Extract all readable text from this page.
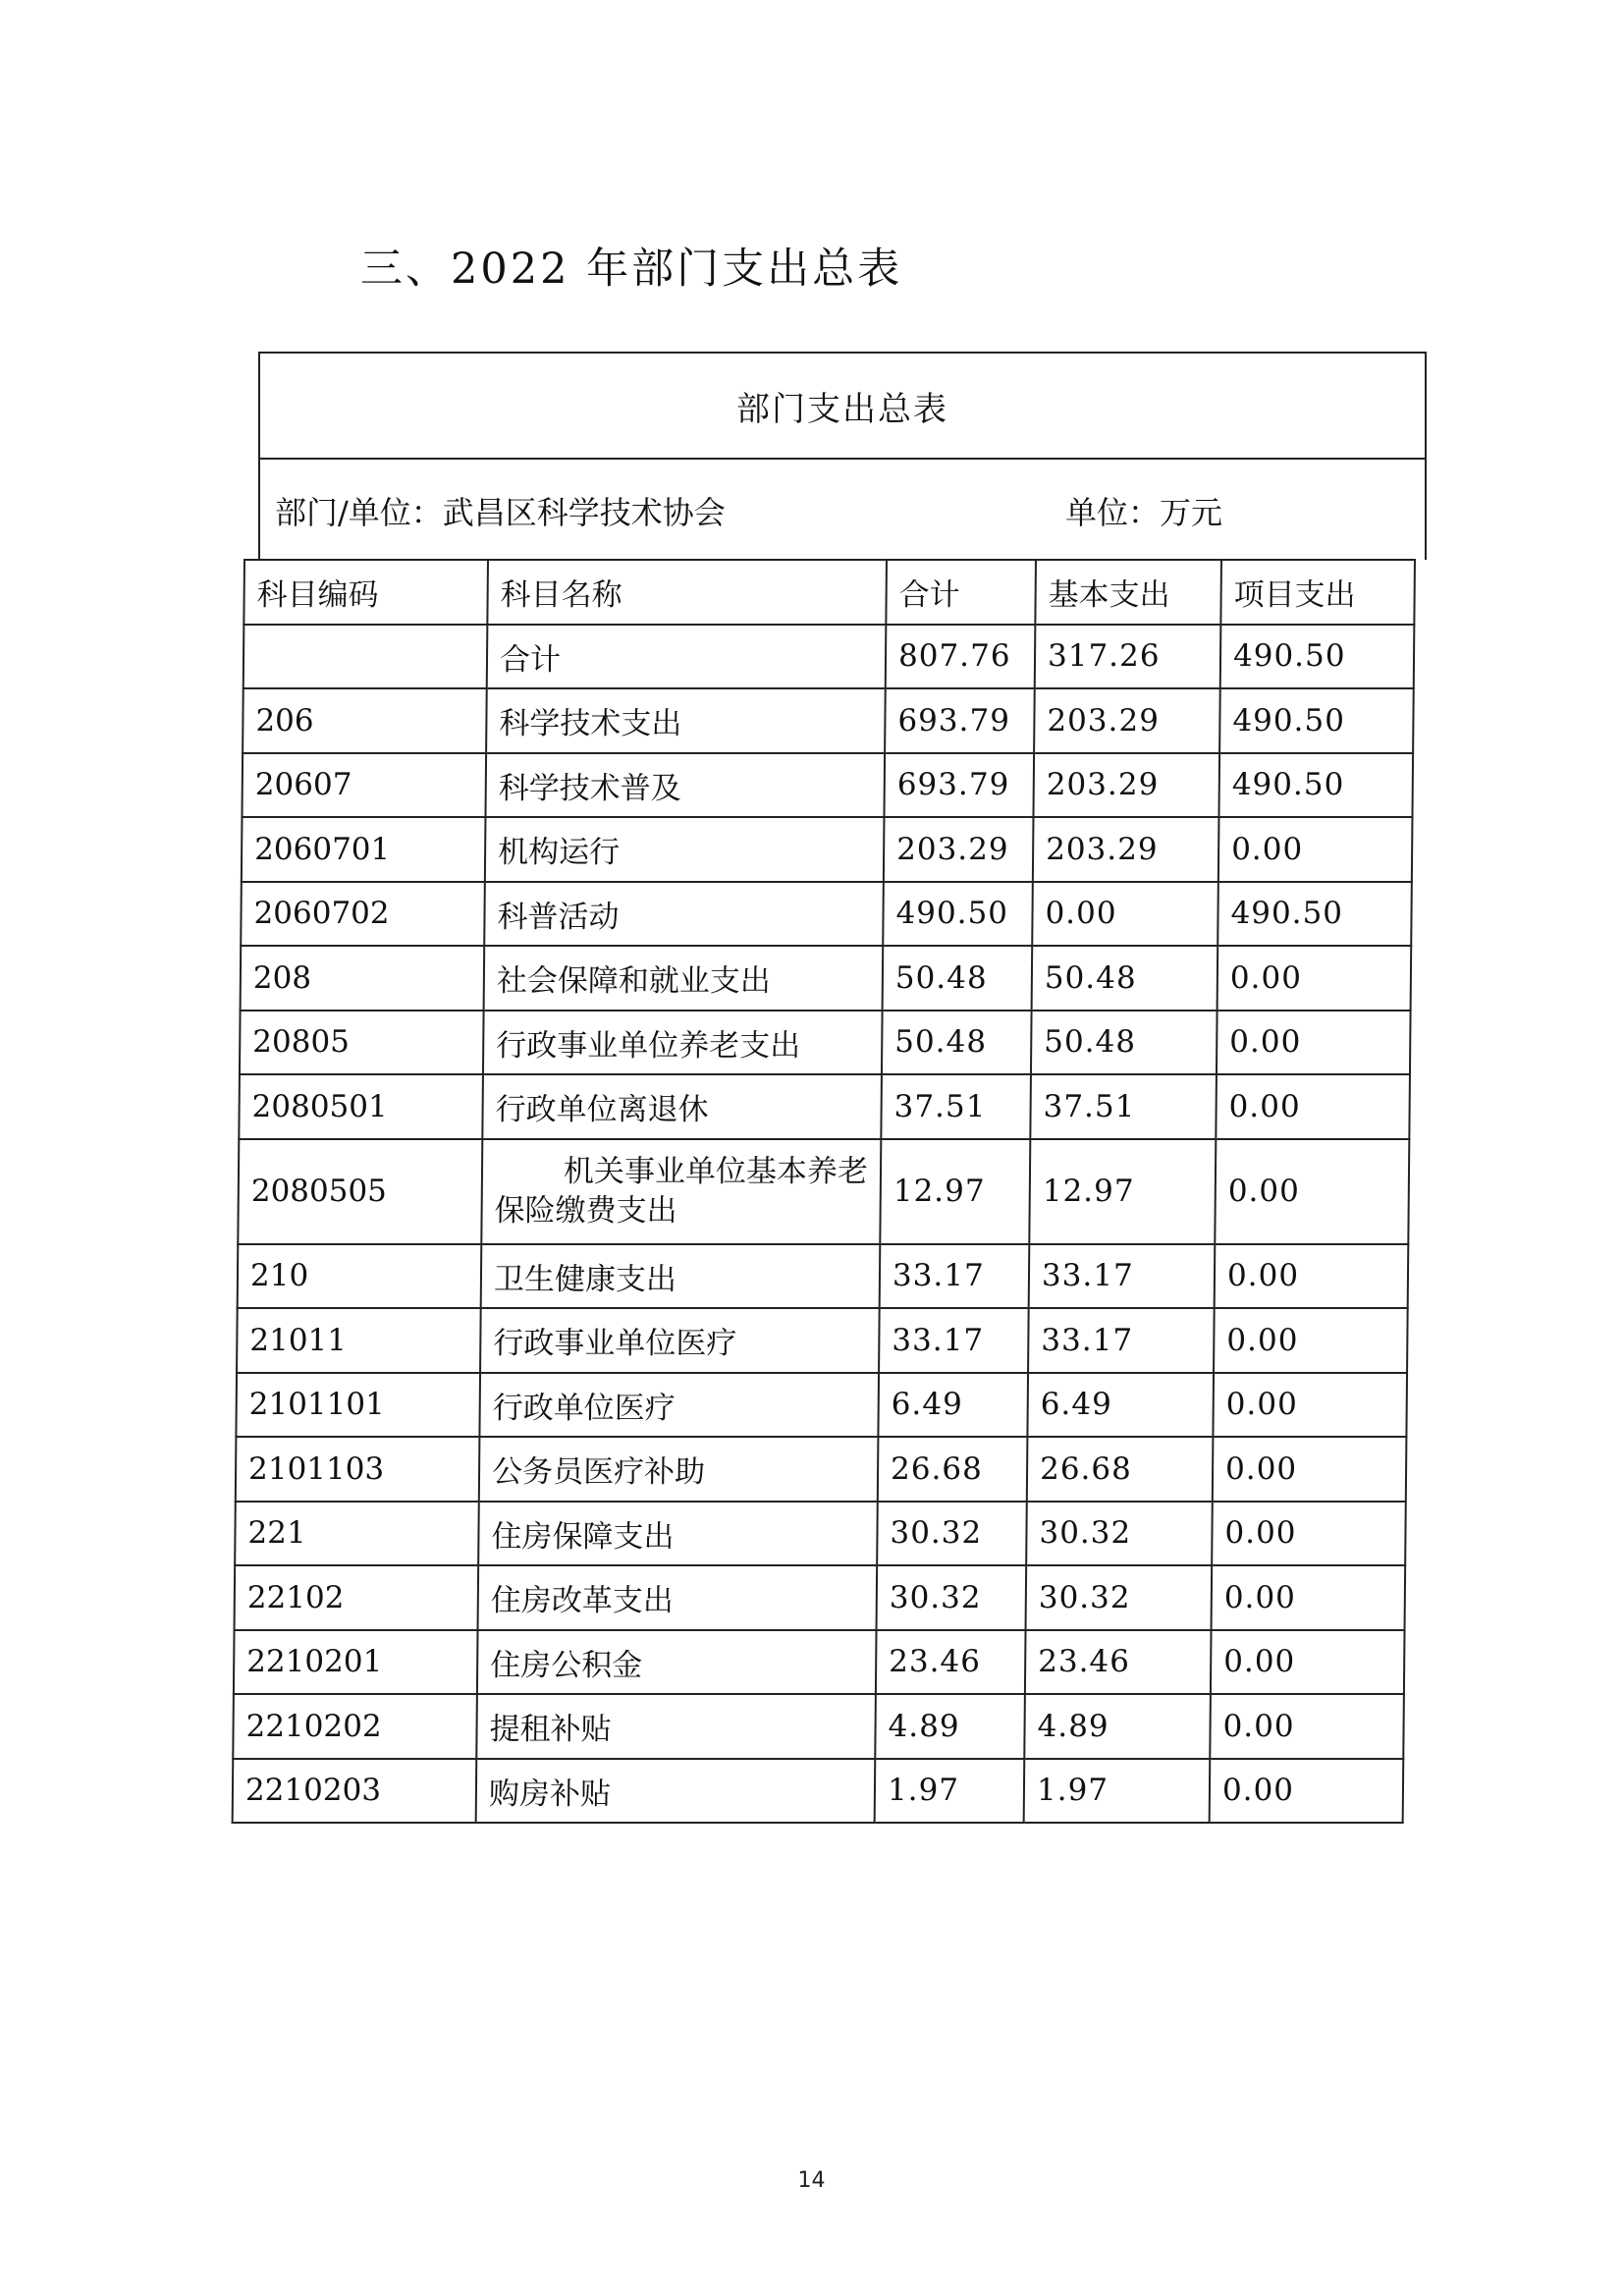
三、2022 年部门支出总表
部门支出总表
部门/单位：武昌区科学技术协会	单位：万元
科目编码	科目名称	合计	基本支出	项目支出
	合计	807.76	317.26	490.50
206	科学技术支出	693.79	203.29	490.50
20607	科学技术普及	693.79	203.29	490.50
2060701	机构运行	203.29	203.29	0.00
2060702	科普活动	490.50	0.00	490.50
208	社会保障和就业支出	50.48	50.48	0.00
20805	行政事业单位养老支出	50.48	50.48	0.00
2080501	行政单位离退休	37.51	37.51	0.00
2080505	机关事业单位基本养老保险缴费支出	12.97	12.97	0.00
210	卫生健康支出	33.17	33.17	0.00
21011	行政事业单位医疗	33.17	33.17	0.00
2101101	行政单位医疗	6.49	6.49	0.00
2101103	公务员医疗补助	26.68	26.68	0.00
221	住房保障支出	30.32	30.32	0.00
22102	住房改革支出	30.32	30.32	0.00
2210201	住房公积金	23.46	23.46	0.00
2210202	提租补贴	4.89	4.89	0.00
2210203	购房补贴	1.97	1.97	0.00
14
